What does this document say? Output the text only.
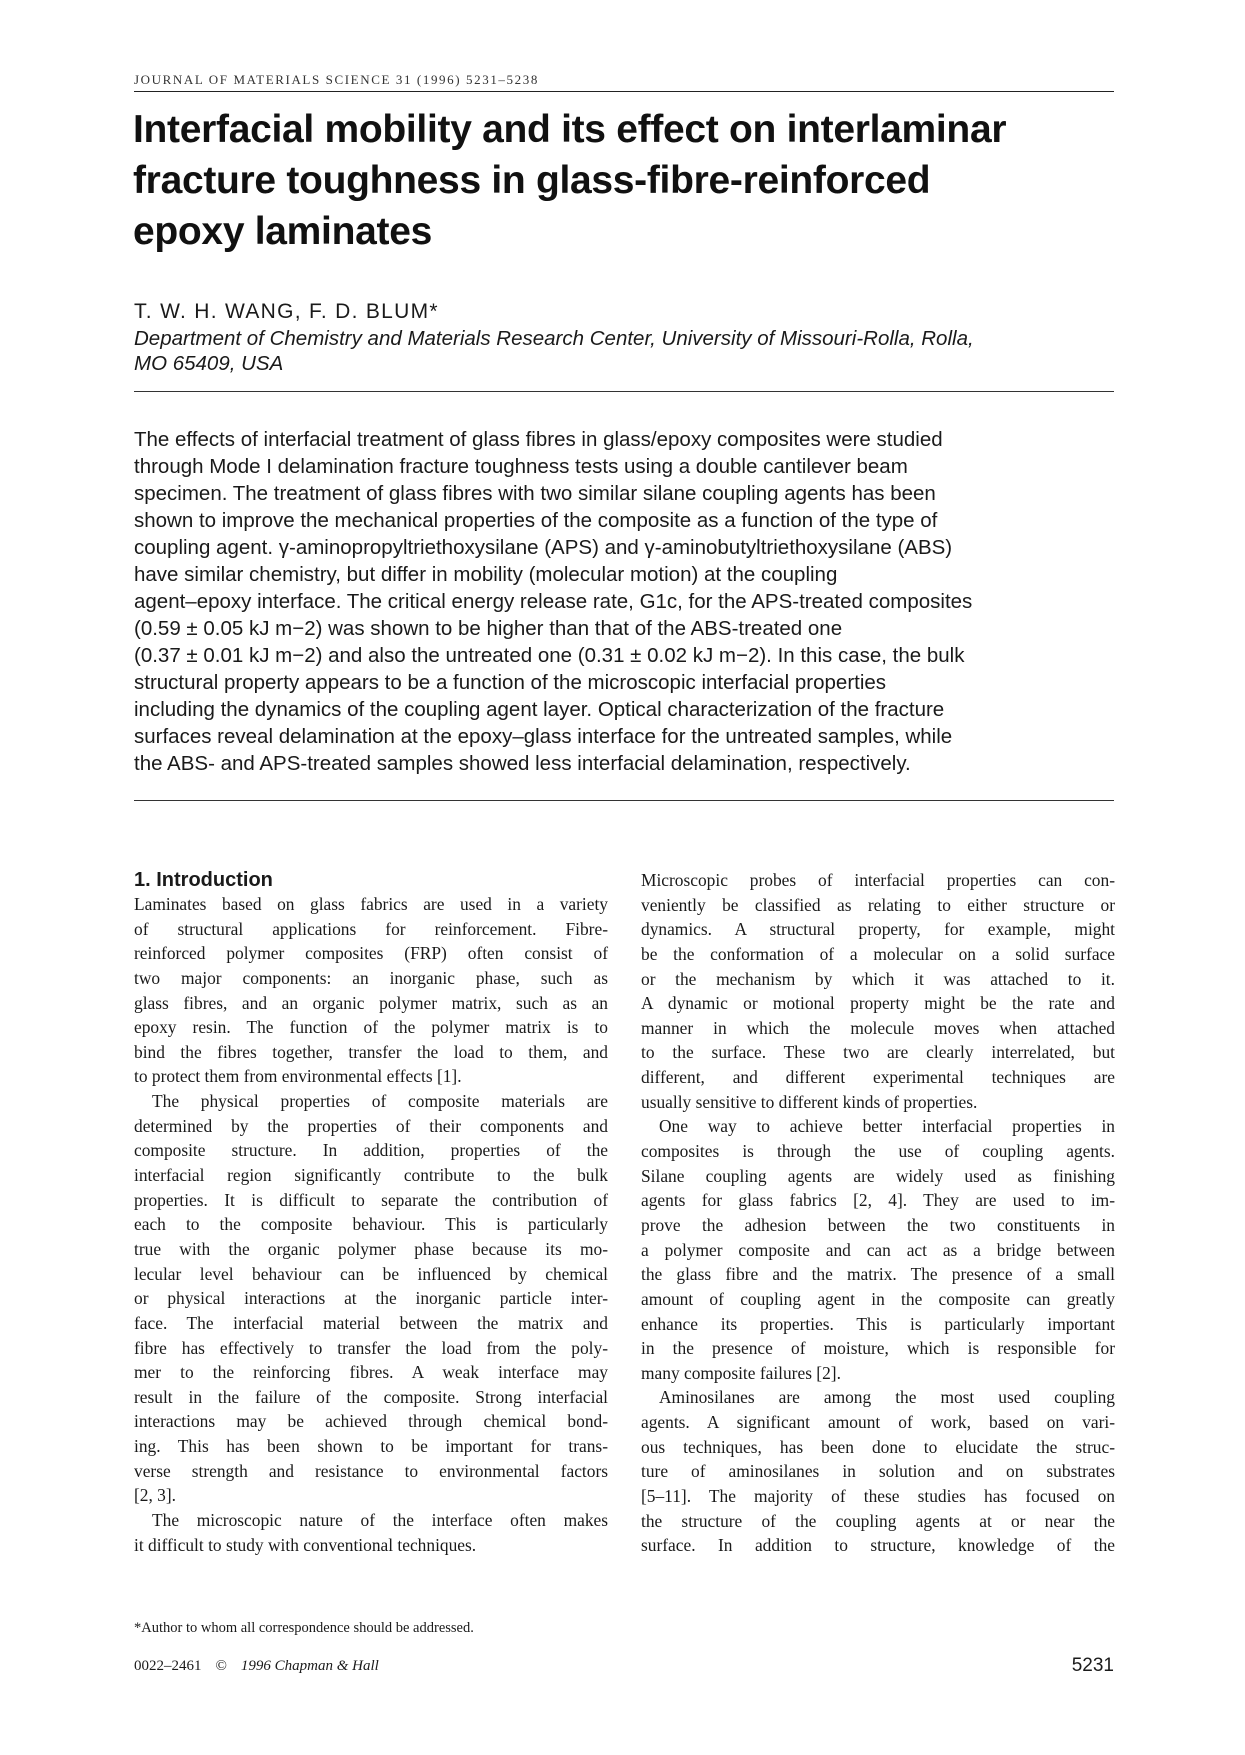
JOURNAL OF MATERIALS SCIENCE 31 (1996) 5231–5238
Interfacial mobility and its effect on interlaminar
fracture toughness in glass-fibre-reinforced
epoxy laminates
T. W. H. WANG, F. D. BLUM*
Department of Chemistry and Materials Research Center, University of Missouri-Rolla, Rolla,
MO 65409, USA
The effects of interfacial treatment of glass fibres in glass/epoxy composites were studied
through Mode I delamination fracture toughness tests using a double cantilever beam
specimen. The treatment of glass fibres with two similar silane coupling agents has been
shown to improve the mechanical properties of the composite as a function of the type of
coupling agent. γ-aminopropyltriethoxysilane (APS) and γ-aminobutyltriethoxysilane (ABS)
have similar chemistry, but differ in mobility (molecular motion) at the coupling
agent–epoxy interface. The critical energy release rate, G1c, for the APS-treated composites
(0.59 ± 0.05 kJ m−2) was shown to be higher than that of the ABS-treated one
(0.37 ± 0.01 kJ m−2) and also the untreated one (0.31 ± 0.02 kJ m−2). In this case, the bulk
structural property appears to be a function of the microscopic interfacial properties
including the dynamics of the coupling agent layer. Optical characterization of the fracture
surfaces reveal delamination at the epoxy–glass interface for the untreated samples, while
the ABS- and APS-treated samples showed less interfacial delamination, respectively.
1. Introduction
Laminates based on glass fabrics are used in a variety
of structural applications for reinforcement. Fibre-
reinforced polymer composites (FRP) often consist of
two major components: an inorganic phase, such as
glass fibres, and an organic polymer matrix, such as an
epoxy resin. The function of the polymer matrix is to
bind the fibres together, transfer the load to them, and
to protect them from environmental effects [1].
The physical properties of composite materials are
determined by the properties of their components and
composite structure. In addition, properties of the
interfacial region significantly contribute to the bulk
properties. It is difficult to separate the contribution of
each to the composite behaviour. This is particularly
true with the organic polymer phase because its mo-
lecular level behaviour can be influenced by chemical
or physical interactions at the inorganic particle inter-
face. The interfacial material between the matrix and
fibre has effectively to transfer the load from the poly-
mer to the reinforcing fibres. A weak interface may
result in the failure of the composite. Strong interfacial
interactions may be achieved through chemical bond-
ing. This has been shown to be important for trans-
verse strength and resistance to environmental factors
[2, 3].
The microscopic nature of the interface often makes
it difficult to study with conventional techniques.
Microscopic probes of interfacial properties can con-
veniently be classified as relating to either structure or
dynamics. A structural property, for example, might
be the conformation of a molecular on a solid surface
or the mechanism by which it was attached to it.
A dynamic or motional property might be the rate and
manner in which the molecule moves when attached
to the surface. These two are clearly interrelated, but
different, and different experimental techniques are
usually sensitive to different kinds of properties.
One way to achieve better interfacial properties in
composites is through the use of coupling agents.
Silane coupling agents are widely used as finishing
agents for glass fabrics [2, 4]. They are used to im-
prove the adhesion between the two constituents in
a polymer composite and can act as a bridge between
the glass fibre and the matrix. The presence of a small
amount of coupling agent in the composite can greatly
enhance its properties. This is particularly important
in the presence of moisture, which is responsible for
many composite failures [2].
Aminosilanes are among the most used coupling
agents. A significant amount of work, based on vari-
ous techniques, has been done to elucidate the struc-
ture of aminosilanes in solution and on substrates
[5–11]. The majority of these studies has focused on
the structure of the coupling agents at or near the
surface. In addition to structure, knowledge of the
*Author to whom all correspondence should be addressed.
0022–2461 © 1996 Chapman & Hall	5231
